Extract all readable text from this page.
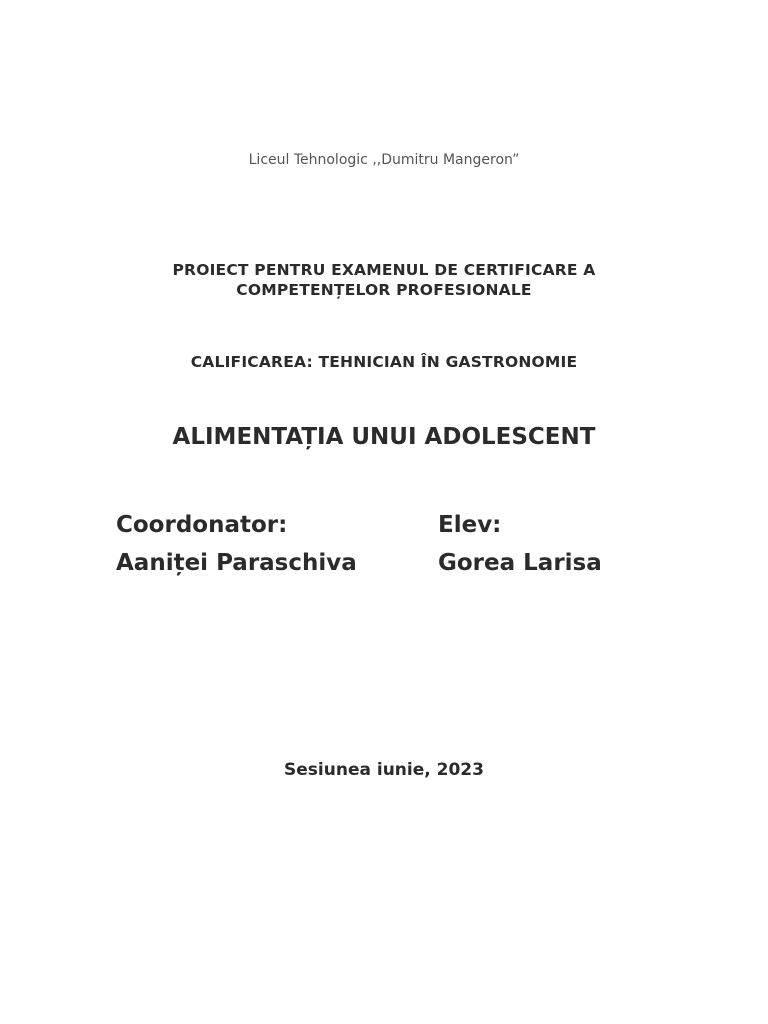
Liceul Tehnologic ,,Dumitru Mangeron”
PROIECT PENTRU EXAMENUL DE CERTIFICARE A
COMPETENȚELOR PROFESIONALE
CALIFICAREA: TEHNICIAN ÎN GASTRONOMIE
ALIMENTAȚIA UNUI ADOLESCENT
Coordonator:
Aaniței Paraschiva
Elev:
Gorea Larisa
Sesiunea iunie, 2023
